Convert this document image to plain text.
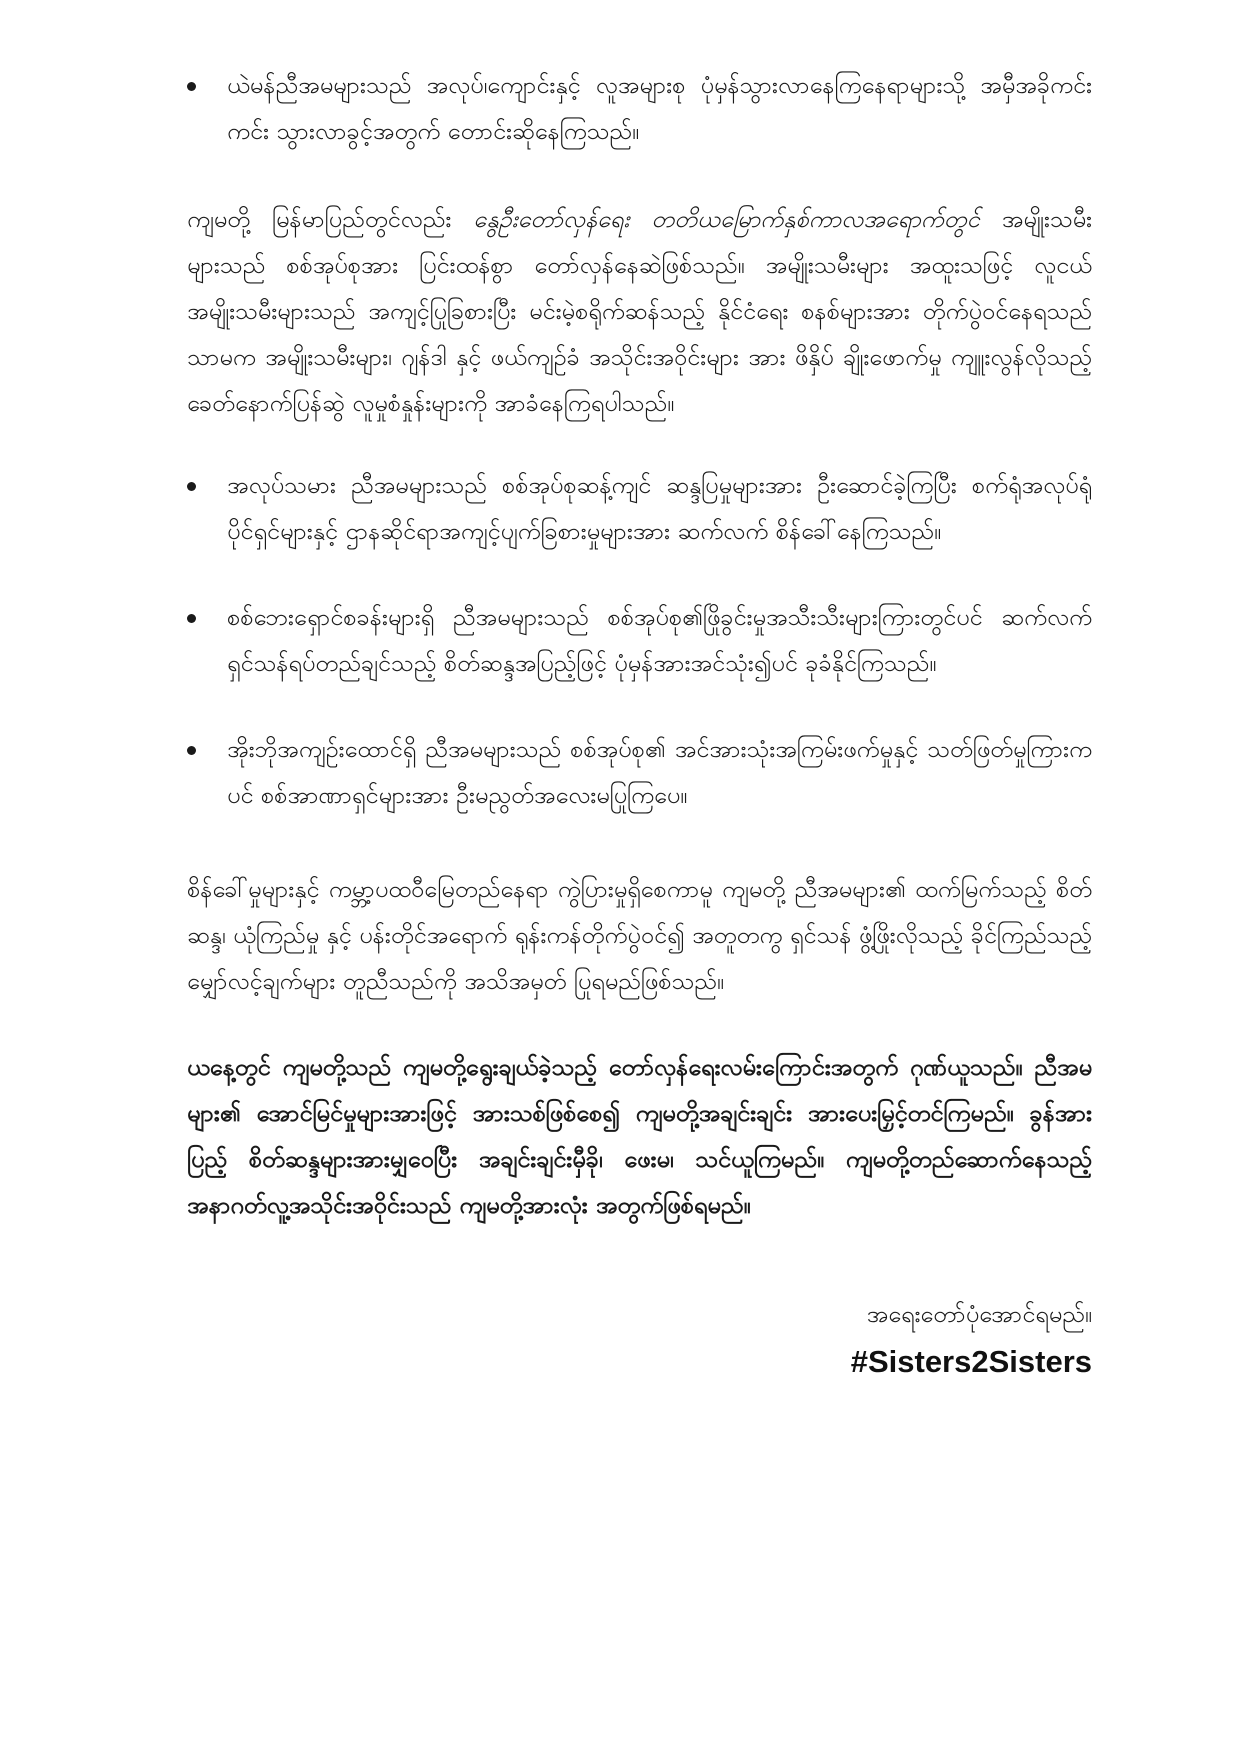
ယဲမန်ညီအမများသည် အလုပ်၊ကျောင်းနှင့် လူအများစု ပုံမှန်သွားလာနေကြနေရာများသို့ အမှီအခိုကင်းကင်း သွားလာခွင့်အတွက် တောင်းဆိုနေကြသည်။

ကျမတို့ မြန်မာပြည်တွင်လည်း နွေဦးတော်လှန်ရေး တတိယမြောက်နှစ်ကာလအရောက်တွင် အမျိုးသမီးများသည် စစ်အုပ်စုအား ပြင်းထန်စွာ တော်လှန်နေဆဲဖြစ်သည်။ အမျိုးသမီးများ အထူးသဖြင့် လူငယ်အမျိုးသမီးများသည် အကျင့်ပြုခြစားပြီး မင်းမဲ့စရိုက်ဆန်သည့် နိုင်ငံရေး စနစ်များအား တိုက်ပွဲဝင်နေရသည်သာမက အမျိုးသမီးများ၊ ဂျန်ဒါ နှင့် ဖယ်ကျဉ်ခံ အသိုင်းအဝိုင်းများ အား ဖိနှိပ် ချိုးဖောက်မှု ကျူးလွန်လိုသည့် ခေတ်နောက်ပြန်ဆွဲ လူမှုစံနှုန်းများကို အာခံနေကြရပါသည်။

အလုပ်သမား ညီအမများသည် စစ်အုပ်စုဆန့်ကျင် ဆန္ဒပြမှုများအား ဦးဆောင်ခဲ့ကြပြီး စက်ရုံအလုပ်ရုံပိုင်ရှင်များနှင့် ဌာနဆိုင်ရာအကျင့်ပျက်ခြစားမှုများအား ဆက်လက် စိန်ခေါ်နေကြသည်။
စစ်ဘေးရှောင်စခန်းများရှိ ညီအမများသည် စစ်အုပ်စု၏ဖြိုခွင်းမှုအသီးသီးများကြားတွင်ပင် ဆက်လက်ရှင်သန်ရပ်တည်ချင်သည့် စိတ်ဆန္ဒအပြည့်ဖြင့် ပုံမှန်အားအင်သုံး၍ပင် ခုခံနိုင်ကြသည်။
အိုးဘိုအကျဉ်းထောင်ရှိ ညီအမများသည် စစ်အုပ်စု၏ အင်အားသုံးအကြမ်းဖက်မှုနှင့် သတ်ဖြတ်မှုကြားကပင် စစ်အာဏာရှင်များအား ဦးမညွတ်အလေးမပြုကြပေ။

စိန်ခေါ်မှုများနှင့် ကမ္ဘာ့ပထဝီမြေတည်နေရာ ကွဲပြားမှုရှိစေကာမူ ကျမတို့ ညီအမများ၏ ထက်မြက်သည့် စိတ်ဆန္ဒ၊ ယုံကြည်မှု နှင့် ပန်းတိုင်အရောက် ရုန်းကန်တိုက်ပွဲဝင်၍ အတူတကွ ရှင်သန် ဖွံ့ဖြိုးလိုသည့် ခိုင်ကြည်သည့် မျှော်လင့်ချက်များ တူညီသည်ကို အသိအမှတ် ပြုရမည်ဖြစ်သည်။

ယနေ့တွင် ကျမတို့သည် ကျမတို့ရွေးချယ်ခဲ့သည့် တော်လှန်ရေးလမ်းကြောင်းအတွက် ဂုဏ်ယူသည်။ ညီအမများ၏ အောင်မြင်မှုများအားဖြင့် အားသစ်ဖြစ်စေ၍ ကျမတို့အချင်းချင်း အားပေးမြှင့်တင်ကြမည်။ ခွန်အားပြည့် စိတ်ဆန္ဒများအားမျှဝေပြီး အချင်းချင်းမှီခို၊ ဖေးမ၊ သင်ယူကြမည်။ ကျမတို့တည်ဆောက်နေသည့် အနာဂတ်လူ့အသိုင်းအဝိုင်းသည် ကျမတို့အားလုံး အတွက်ဖြစ်ရမည်။

အရေးတော်ပုံအောင်ရမည်။
#Sisters2Sisters
